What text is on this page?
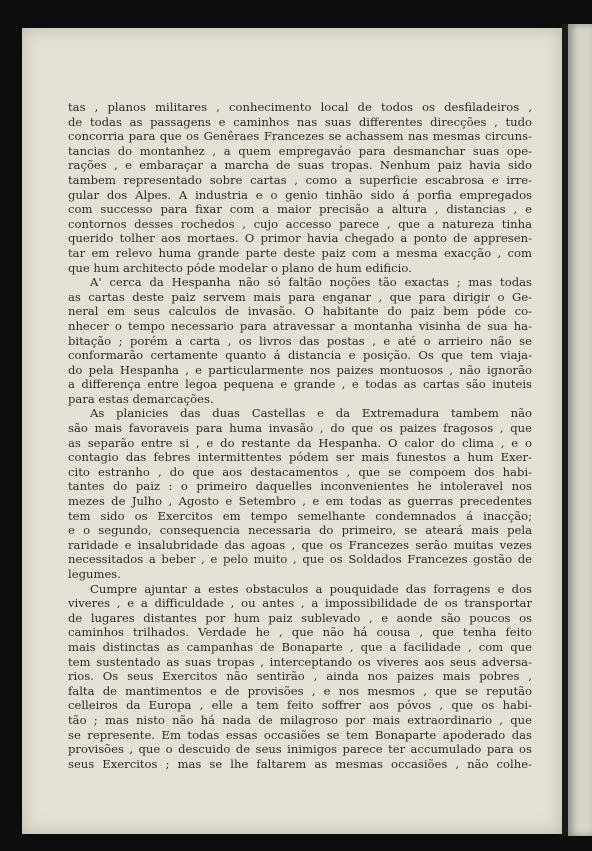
tas , planos militares , conhecimento local de todos os desfiladeiros ,
de todas as passagens e caminhos nas suas differentes direcções , tudo
concorria para que os Genêraes Francezes se achassem nas mesmas circuns-
tancias do montanhez , a quem empregaváo para desmanchar suas ope-
rações , e embaraçar a marcha de suas tropas. Nenhum paiz havia sido
tambem representado sobre cartas , como a superficie escabrosa e irre-
gular dos Alpes. A industria e o genio tinhão sido á porfia empregados
com successo para fixar com a maior precisão a altura , distancias , e
contornos desses rochedos , cujo accesso parece , que a natureza tinha
querido tolher aos mortaes. O primor havia chegado a ponto de appresen-
tar em relevo huma grande parte deste paiz com a mesma exacção , com
que hum architecto póde modelar o plano de hum edificio.

A' cerca da Hespanha não só faltão noções tão exactas ; mas todas
as cartas deste paiz servem mais para enganar , que para dirigir o Ge-
neral em seus calculos de invasão. O habitante do paiz bem póde co-
nhecer o tempo necessario para atravessar a montanha visinha de sua ha-
bitação ; porém a carta , os livros das postas , e até o arrieiro não se
conformarão certamente quanto á distancia e posição. Os que tem viaja-
do pela Hespanha , e particularmente nos paizes montuosos , não ignorão
a differença entre legoa pequena e grande , e todas as cartas são inuteis
para estas demarcações.

As planicies das duas Castellas e da Extremadura tambem não
são mais favoraveis para huma invasão , do que os paizes fragosos , que
as separão entre si , e do restante da Hespanha. O calor do clima , e o
contagio das febres intermittentes pódem ser mais funestos a hum Exer-
cito estranho , do que aos destacamentos , que se compoem dos habi-
tantes do paiz : o primeiro daquelles inconvenientes he intoleravel nos
mezes de Julho , Agosto e Setembro , e em todas as guerras precedentes
tem sido os Exercitos em tempo semelhante condemnados á inacção;
e o segundo, consequencia necessaria do primeiro, se ateará mais pela
raridade e insalubridade das agoas , que os Francezes serão muitas vezes
necessitados a beber , e pelo muito , que os Soldados Francezes gostão de
legumes.

Cumpre ajuntar a estes obstaculos a pouquidade das forragens e dos
viveres , e a difficuldade , ou antes , a impossibilidade de os transportar
de lugares distantes por hum paiz sublevado , e aonde são poucos os
caminhos trilhados. Verdade he , que não há cousa , que tenha feito
mais distinctas as campanhas de Bonaparte , que a facilidade , com que
tem sustentado as suas tropas , interceptando os viveres aos seus adversa-
rios. Os seus Exercitos não sentirão , ainda nos paizes mais pobres ,
falta de mantimentos e de provisões , e nos mesmos , que se reputão
celleiros da Europa , elle a tem feito soffrer aos póvos , que os habi-
tão ; mas nisto não há nada de milagroso por mais extraordinario , que
se represente. Em todas essas occasiões se tem Bonaparte apoderado das
provisões , que o descuido de seus inimigos parece ter accumulado para os
seus Exercitos ; mas se lhe faltarem as mesmas occasiões , não colhe-
